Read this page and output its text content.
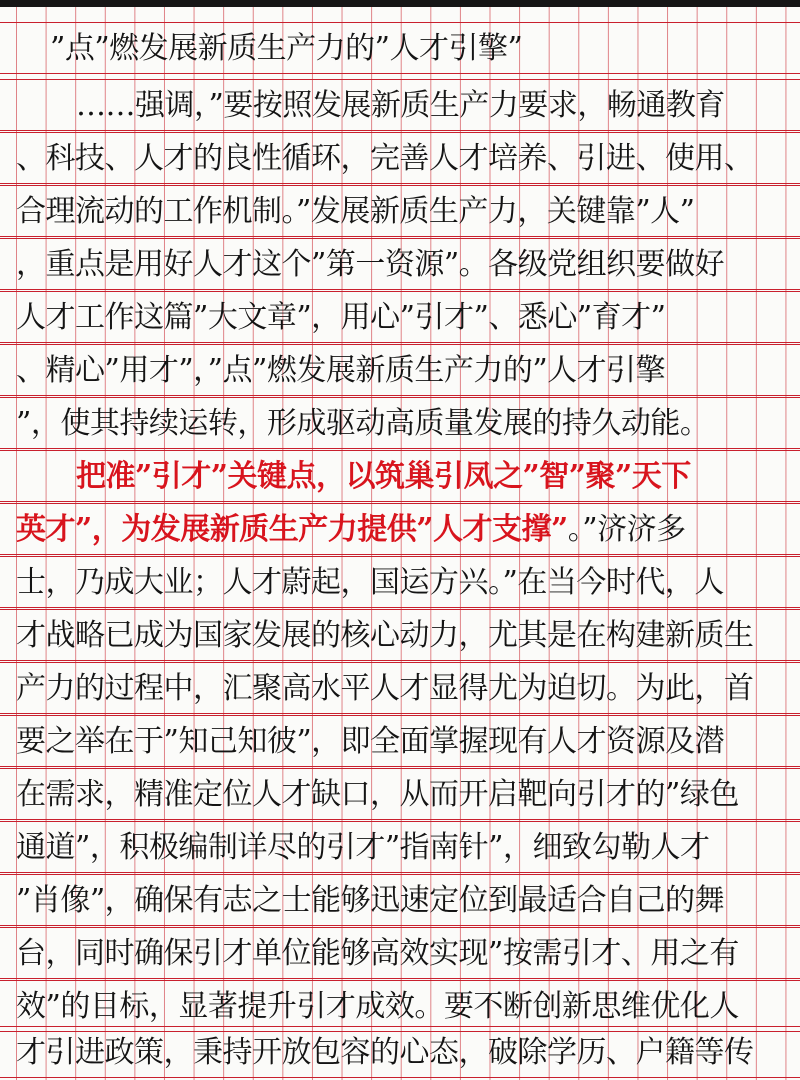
”点”燃发展新质生产力的”人才引擎”
……强调，”要按照发展新质生产力要求，畅通教育
、科技、人才的良性循环，完善人才培养、引进、使用、
合理流动的工作机制。”发展新质生产力，关键靠”人”
，重点是用好人才这个”第一资源”。各级党组织要做好
人才工作这篇”大文章”，用心”引才”、悉心”育才”
、精心”用才”，”点”燃发展新质生产力的”人才引擎
”，使其持续运转，形成驱动高质量发展的持久动能。
把准”引才”关键点，以筑巢引凤之”智”聚”天下
英才”，为发展新质生产力提供”人才支撑”。”济济多
士，乃成大业；人才蔚起，国运方兴。”在当今时代，人
才战略已成为国家发展的核心动力，尤其是在构建新质生
产力的过程中，汇聚高水平人才显得尤为迫切。为此，首
要之举在于”知己知彼”，即全面掌握现有人才资源及潜
在需求，精准定位人才缺口，从而开启靶向引才的”绿色
通道”，积极编制详尽的引才”指南针”，细致勾勒人才
”肖像”，确保有志之士能够迅速定位到最适合自己的舞
台，同时确保引才单位能够高效实现”按需引才、用之有
效”的目标，显著提升引才成效。要不断创新思维优化人
才引进政策，秉持开放包容的心态，破除学历、户籍等传
